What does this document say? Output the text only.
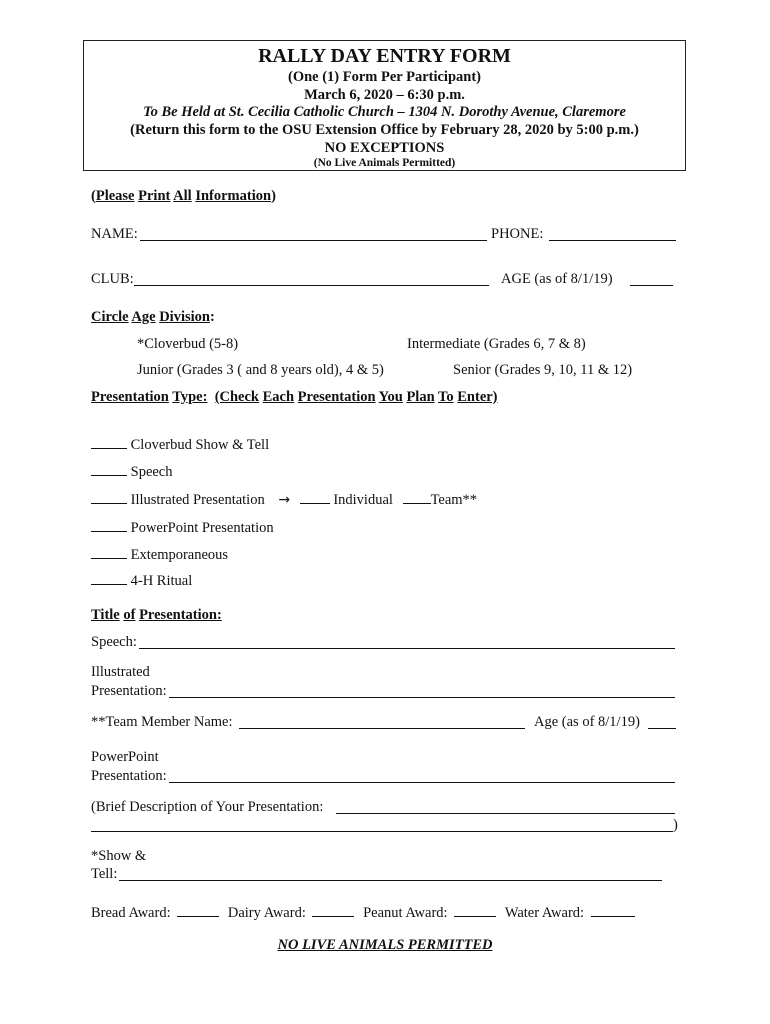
RALLY DAY ENTRY FORM
(One (1) Form Per Participant)
March 6, 2020 – 6:30 p.m.
To Be Held at St. Cecilia Catholic Church – 1304 N. Dorothy Avenue, Claremore
(Return this form to the OSU Extension Office by February 28, 2020 by 5:00 p.m.)
NO EXCEPTIONS
(No Live Animals Permitted)
(Please Print All Information)
NAME:	PHONE:
CLUB:	AGE (as of 8/1/19)
Circle Age Division:
*Cloverbud (5-8)	Intermediate (Grades 6, 7 & 8)
Junior (Grades 3 ( and 8 years old), 4 & 5)	Senior (Grades 9, 10, 11 & 12)
Presentation Type: (Check Each Presentation You Plan To Enter)
Cloverbud Show & Tell
Speech
Illustrated Presentation →	Individual	Team**
PowerPoint Presentation
Extemporaneous
4-H Ritual
Title of Presentation:
Speech:
Illustrated
Presentation:
**Team Member Name:	Age (as of 8/1/19)
PowerPoint
Presentation:
(Brief Description of Your Presentation:
)
*Show &
Tell:
Bread Award:	Dairy Award:	Peanut Award:	Water Award:
NO LIVE ANIMALS PERMITTED
